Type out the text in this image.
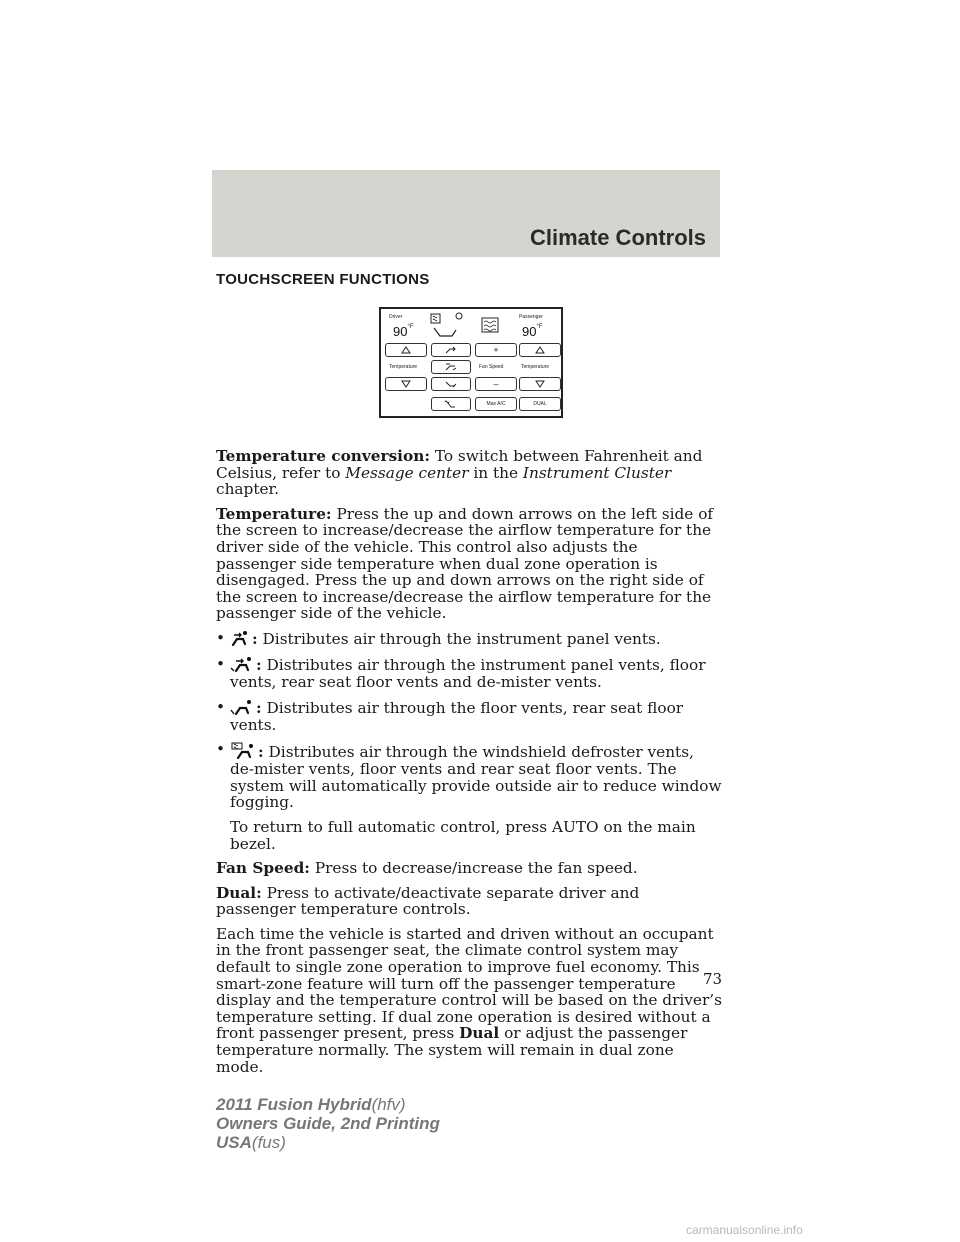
Climate Controls
TOUCHSCREEN FUNCTIONS
Driver	Passenger
$90^{^\circ F}$	$90^{^\circ F}$
+
Temperature	Fan Speed	Temperature
–
Max A/C	DUAL

Temperature conversion: To switch between Fahrenheit and Celsius, refer to Message center in the Instrument Cluster chapter.

Temperature: Press the up and down arrows on the left side of the screen to increase/decrease the airflow temperature for the driver side of the vehicle. This control also adjusts the passenger side temperature when dual zone operation is disengaged. Press the up and down arrows on the right side of the screen to increase/decrease the airflow temperature for the passenger side of the vehicle.

•	: Distributes air through the instrument panel vents.
•	: Distributes air through the instrument panel vents, floor vents, rear seat floor vents and de-mister vents.
•	: Distributes air through the floor vents, rear seat floor vents.
•	: Distributes air through the windshield defroster vents, de-mister vents, floor vents and rear seat floor vents. The system will automatically provide outside air to reduce window fogging.

To return to full automatic control, press AUTO on the main bezel.

Fan Speed: Press to decrease/increase the fan speed.

Dual: Press to activate/deactivate separate driver and passenger temperature controls.

Each time the vehicle is started and driven without an occupant in the front passenger seat, the climate control system may default to single zone operation to improve fuel economy. This smart-zone feature will turn off the passenger temperature display and the temperature control will be based on the driver’s temperature setting. If dual zone operation is desired without a front passenger present, press Dual or adjust the passenger temperature normally. The system will remain in dual zone mode.

73
2011 Fusion Hybrid(hfv)
Owners Guide, 2nd Printing
USA(fus)
carmanualsonline.info
